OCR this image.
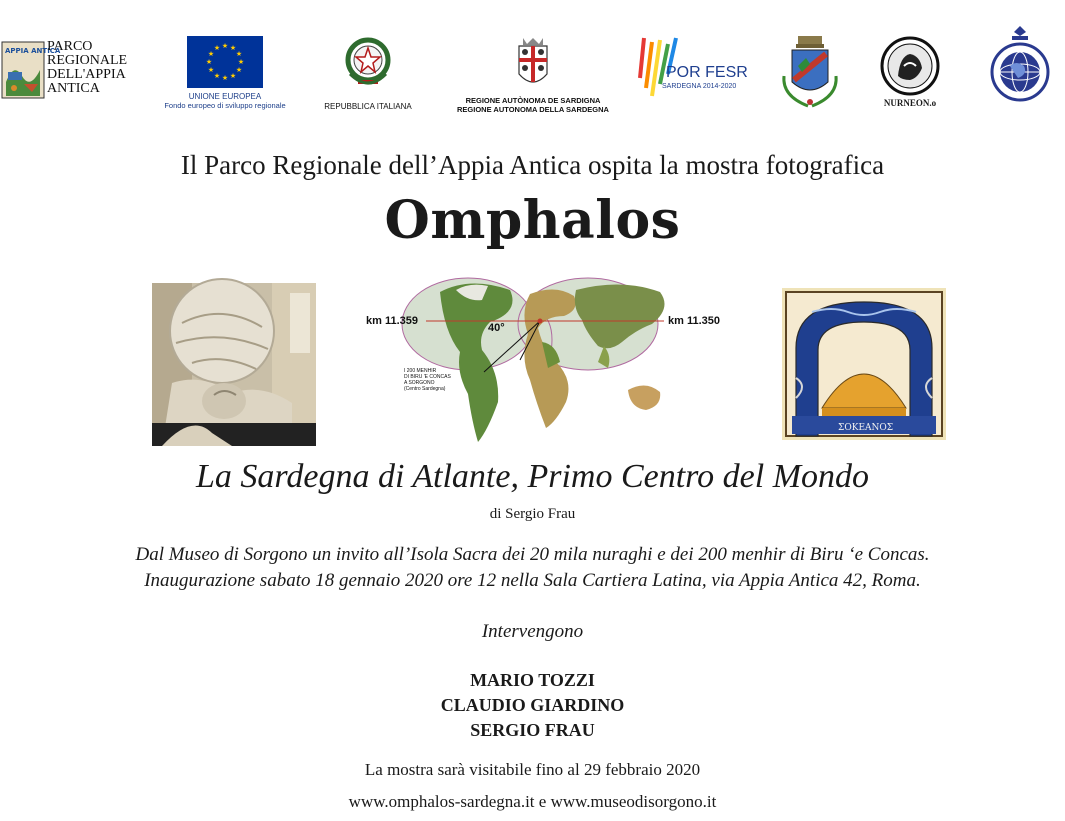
APPIA ANTICA
PARCO
REGIONALE
DELL'APPIA
ANTICA
★ ★
★
★
★
★
★
★
★
★
★
★
UNIONE EUROPEA
Fondo europeo di sviluppo regionale	REPUBBLICA ITALIANA
REGIONE AUTÒNOMA DE SARDIGNA
REGIONE AUTONOMA DELLA SARDEGNA
POR FESR
SARDEGNA 2014-2020
NURNEON.o
Il Parco Regionale dell’Appia Antica ospita la mostra fotografica
Omphalos
km 11.359	km 11.350
40°
I 200 MENHIR
DI BIRU 'E CONCAS
A SORGONO
(Centro Sardegna)
ΣΟΚΕΑΝΟΣ
La Sardegna di Atlante, Primo Centro del Mondo
di Sergio Frau
Dal Museo di Sorgono un invito all’Isola Sacra dei 20 mila nuraghi e dei 200 menhir di Biru ‘e Concas.
Inaugurazione sabato 18 gennaio 2020 ore 12 nella Sala Cartiera Latina, via Appia Antica 42, Roma.
Intervengono
MARIO TOZZI
CLAUDIO GIARDINO
SERGIO FRAU
La mostra sarà visitabile fino al 29 febbraio 2020
www.omphalos-sardegna.it e www.museodisorgono.it
